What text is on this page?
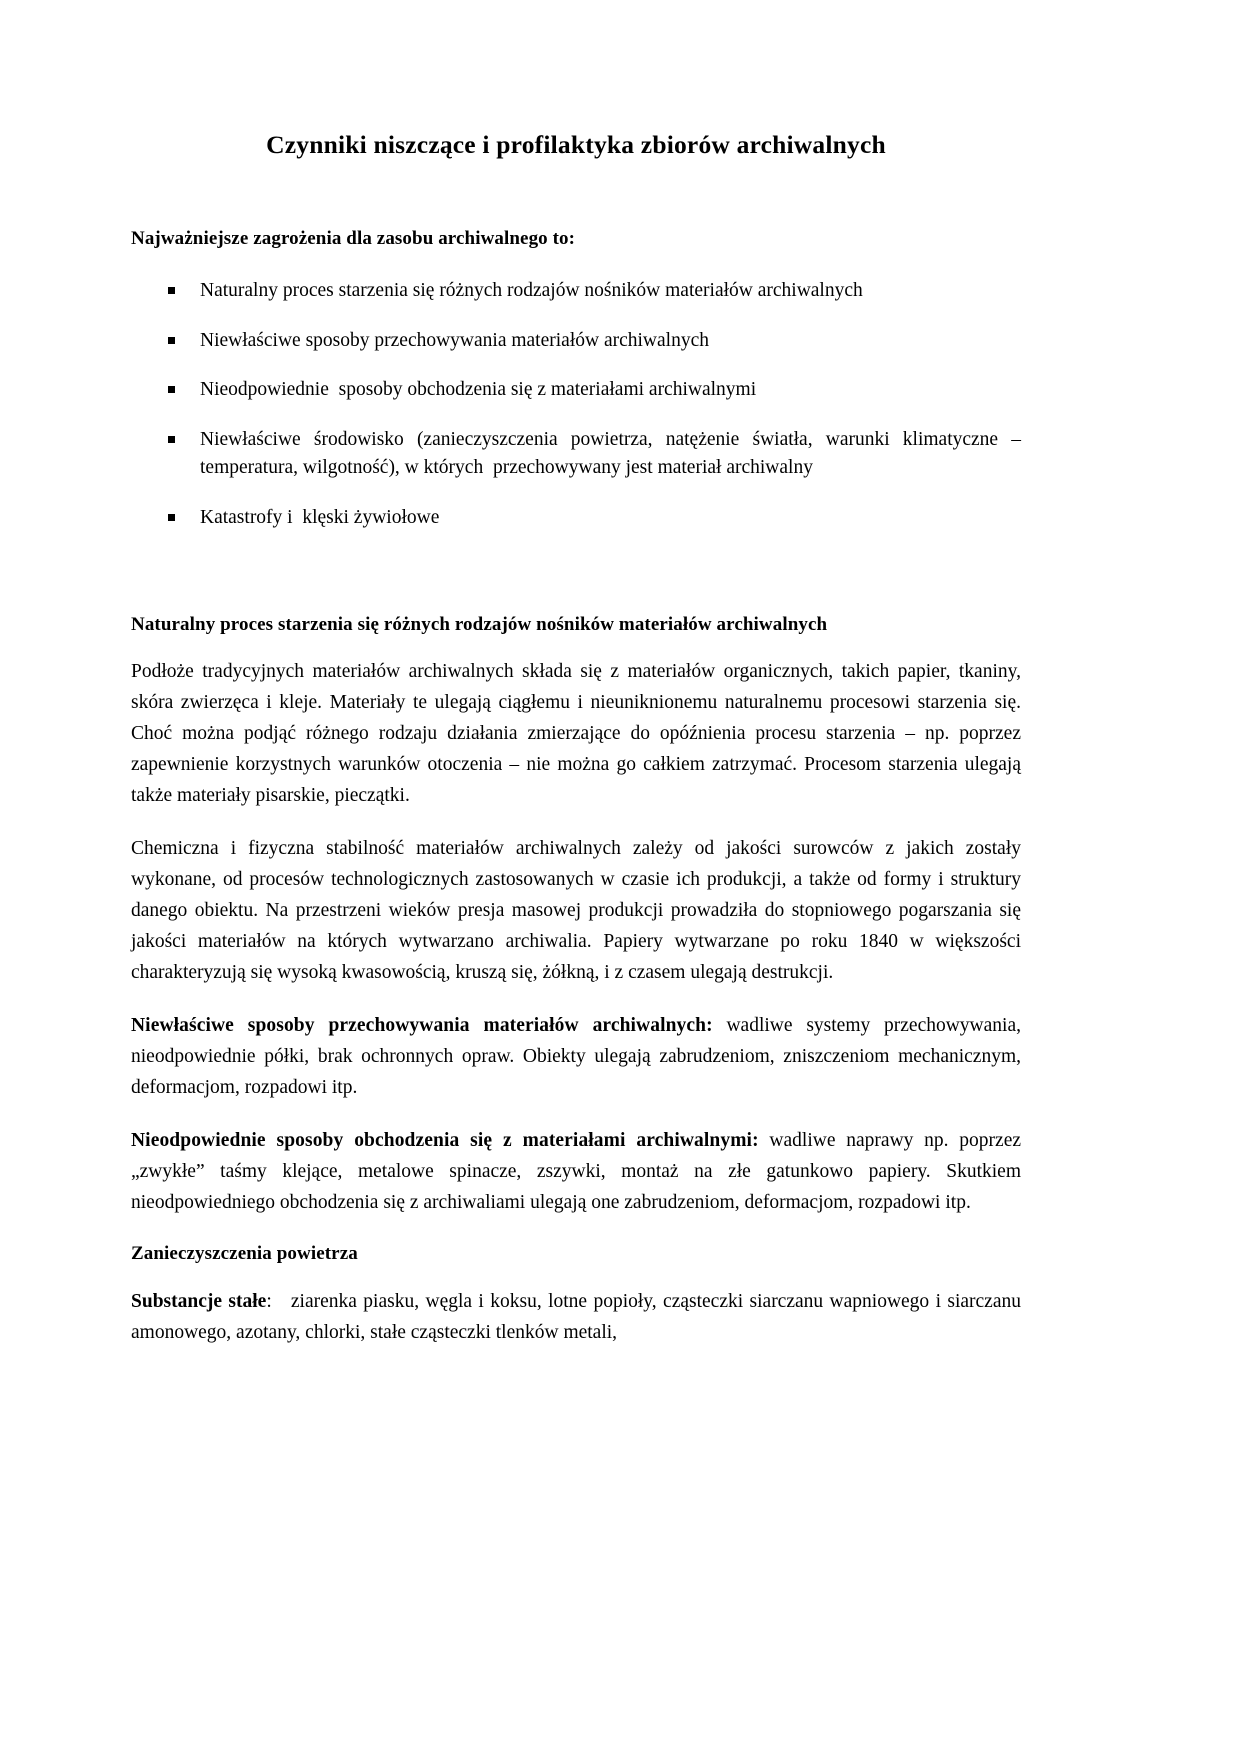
Czynniki niszczące i profilaktyka zbiorów archiwalnych
Najważniejsze zagrożenia dla zasobu archiwalnego to:
Naturalny proces starzenia się różnych rodzajów nośników materiałów archiwalnych
Niewłaściwe sposoby przechowywania materiałów archiwalnych
Nieodpowiednie  sposoby obchodzenia się z materiałami archiwalnymi
Niewłaściwe środowisko (zanieczyszczenia powietrza, natężenie światła, warunki klimatyczne – temperatura, wilgotność), w których  przechowywany jest materiał archiwalny
Katastrofy i  klęski żywiołowe
Naturalny proces starzenia się różnych rodzajów nośników materiałów archiwalnych

Podłoże tradycyjnych materiałów archiwalnych składa się z materiałów organicznych, takich papier, tkaniny, skóra zwierzęca i kleje. Materiały te ulegają ciągłemu i nieuniknionemu naturalnemu procesowi starzenia się. Choć można podjąć różnego rodzaju działania zmierzające do opóźnienia procesu starzenia – np. poprzez zapewnienie korzystnych warunków otoczenia – nie można go całkiem zatrzymać. Procesom starzenia ulegają także materiały pisarskie, pieczątki.

Chemiczna i fizyczna stabilność materiałów archiwalnych zależy od jakości surowców z jakich zostały wykonane, od procesów technologicznych zastosowanych w czasie ich produkcji, a także od formy i struktury danego obiektu. Na przestrzeni wieków presja masowej produkcji prowadziła do stopniowego pogarszania się jakości materiałów na których wytwarzano archiwalia. Papiery wytwarzane po roku 1840 w większości charakteryzują się wysoką kwasowością, kruszą się, żółkną, i z czasem ulegają destrukcji.

Niewłaściwe sposoby przechowywania materiałów archiwalnych: wadliwe systemy przechowywania, nieodpowiednie półki, brak ochronnych opraw. Obiekty ulegają zabrudzeniom, zniszczeniom mechanicznym, deformacjom, rozpadowi itp.

Nieodpowiednie sposoby obchodzenia się z materiałami archiwalnymi: wadliwe naprawy np. poprzez „zwykłe” taśmy klejące, metalowe spinacze, zszywki, montaż na złe gatunkowo papiery. Skutkiem nieodpowiedniego obchodzenia się z archiwaliami ulegają one zabrudzeniom, deformacjom, rozpadowi itp.

Zanieczyszczenia powietrza

Substancje stałe:   ziarenka piasku, węgla i koksu, lotne popioły, cząsteczki siarczanu wapniowego i siarczanu amonowego, azotany, chlorki, stałe cząsteczki tlenków metali,
